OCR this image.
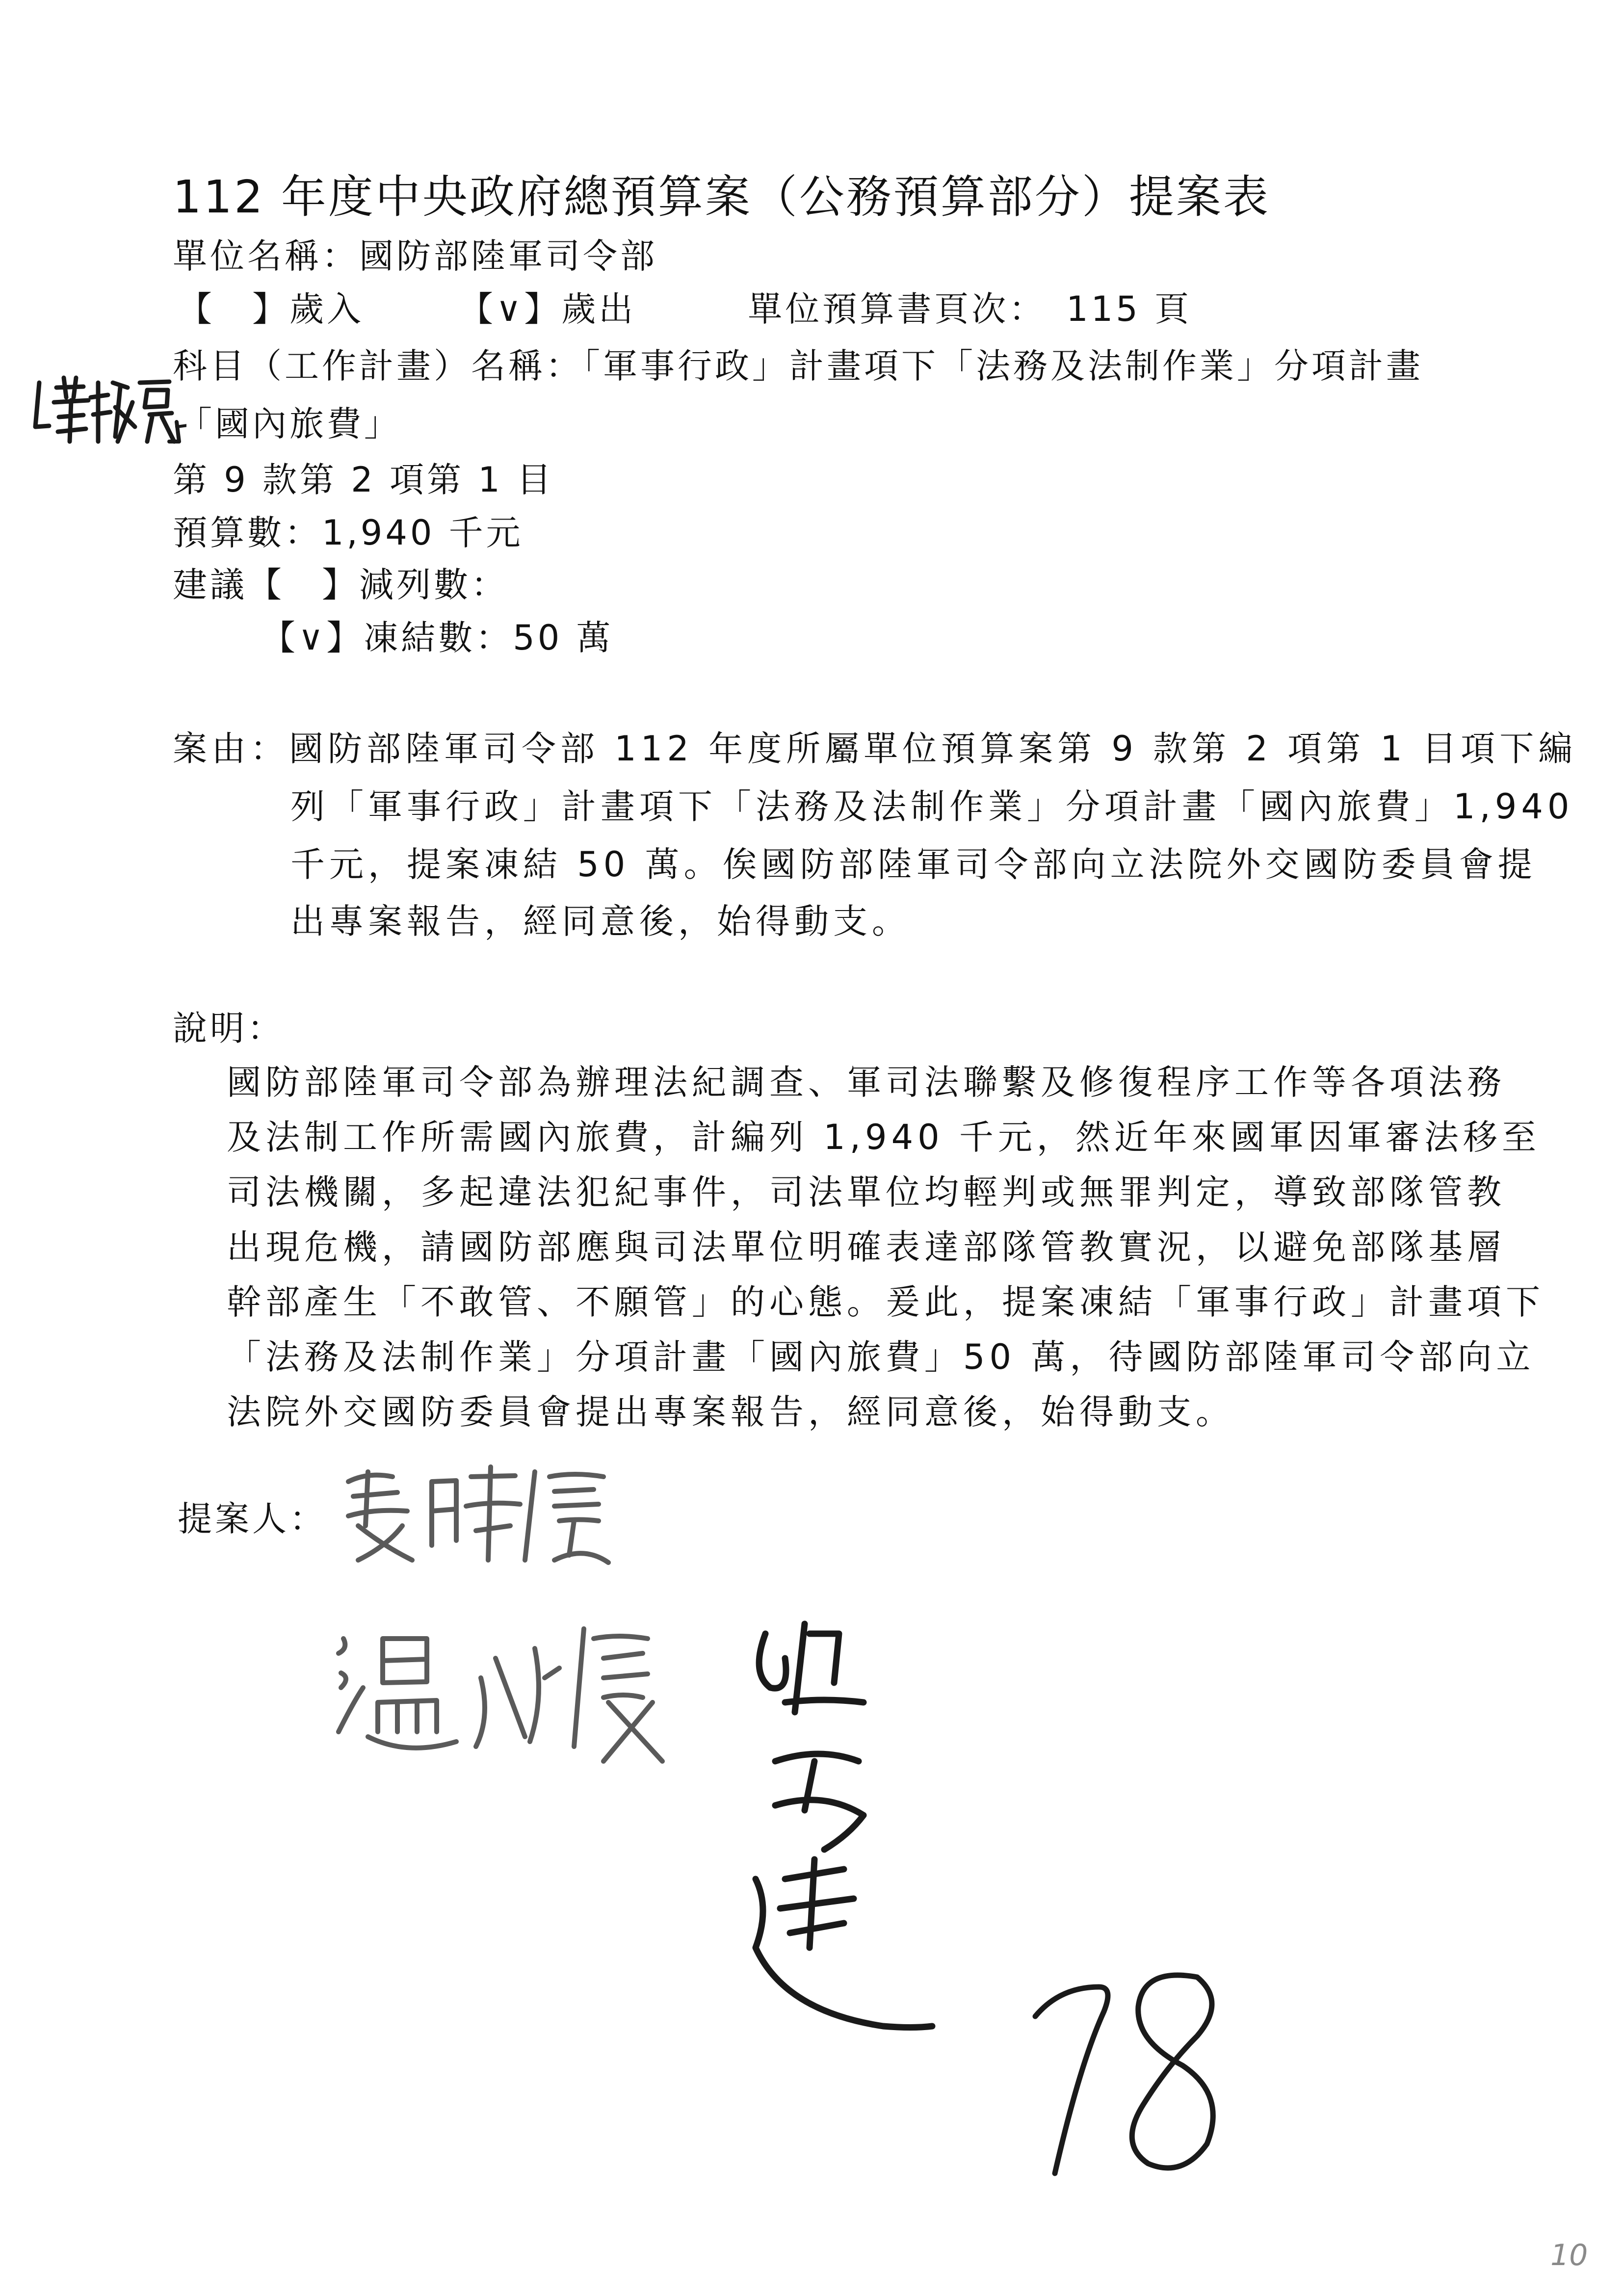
112 年度中央政府總預算案（公務預算部分）提案表
單位名稱：國防部陸軍司令部
【　】歲入　　　【∨】歲出　　　單位預算書頁次：　115 頁
科目（工作計畫）名稱：「軍事行政」計畫項下「法務及法制作業」分項計畫
「國內旅費」
第 9 款第 2 項第 1 目
預算數：1,940 千元
建議【　】減列數：
【∨】凍結數：50 萬
案由：國防部陸軍司令部 112 年度所屬單位預算案第 9 款第 2 項第 1 目項下編
列「軍事行政」計畫項下「法務及法制作業」分項計畫「國內旅費」1,940
千元，提案凍結 50 萬。俟國防部陸軍司令部向立法院外交國防委員會提
出專案報告，經同意後，始得動支。
說明：
國防部陸軍司令部為辦理法紀調查、軍司法聯繫及修復程序工作等各項法務
及法制工作所需國內旅費，計編列 1,940 千元，然近年來國軍因軍審法移至
司法機關，多起違法犯紀事件，司法單位均輕判或無罪判定，導致部隊管教
出現危機，請國防部應與司法單位明確表達部隊管教實況，以避免部隊基層
幹部產生「不敢管、不願管」的心態。爰此，提案凍結「軍事行政」計畫項下
「法務及法制作業」分項計畫「國內旅費」50 萬，待國防部陸軍司令部向立
法院外交國防委員會提出專案報告，經同意後，始得動支。
提案人：
10
